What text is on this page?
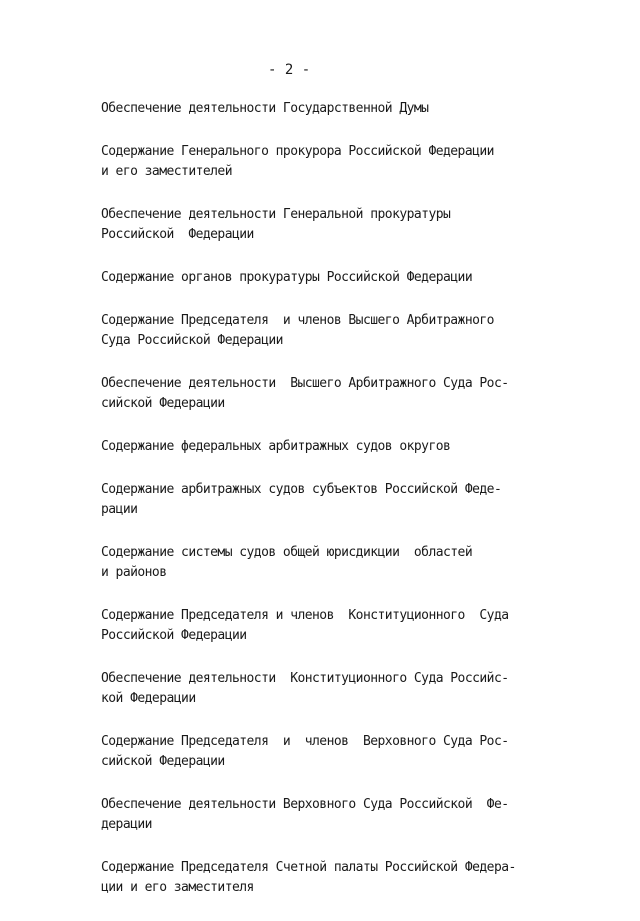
- 2 -
Обеспечение деятельности Государственной Думы
Содержание Генерального прокурора Российской Федерации
и его заместителей
Обеспечение деятельности Генеральной прокуратуры
Российской  Федерации
Содержание органов прокуратуры Российской Федерации
Содержание Председателя  и членов Высшего Арбитражного
Суда Российской Федерации
Обеспечение деятельности  Высшего Арбитражного Суда Рос-
сийской Федерации
Содержание федеральных арбитражных судов округов
Содержание арбитражных судов субъектов Российской Феде-
рации
Содержание системы судов общей юрисдикции  областей
и районов
Содержание Председателя и членов  Конституционного  Суда
Российской Федерации
Обеспечение деятельности  Конституционного Суда Российс-
кой Федерации
Содержание Председателя  и  членов  Верховного Суда Рос-
сийской Федерации
Обеспечение деятельности Верховного Суда Российской  Фе-
дерации
Содержание Председателя Счетной палаты Российской Федера-
ции и его заместителя
